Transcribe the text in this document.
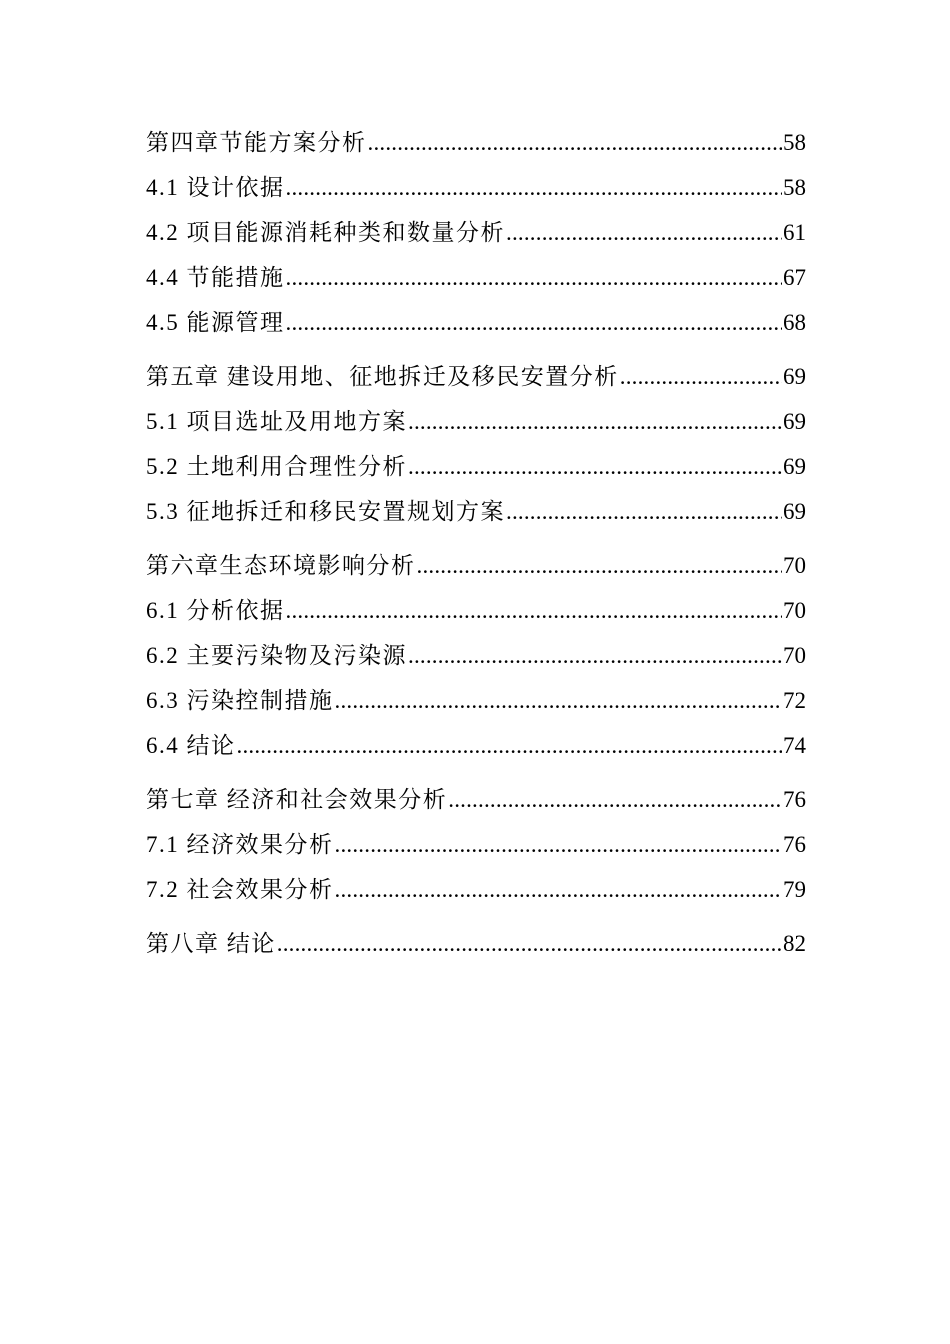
第四章节能方案分析 .....	58
4.1 设计依据 .....	58
4.2 项目能源消耗种类和数量分析 .....	61
4.4 节能措施 .....	67
4.5 能源管理 .....	68
第五章 建设用地、征地拆迁及移民安置分析 .....	69
5.1 项目选址及用地方案 .....	69
5.2 土地利用合理性分析 .....	69
5.3 征地拆迁和移民安置规划方案 .....	69
第六章生态环境影响分析 .....	70
6.1 分析依据 .....	70
6.2 主要污染物及污染源 .....	70
6.3 污染控制措施 .....	72
6.4 结论 .....	74
第七章 经济和社会效果分析 .....	76
7.1 经济效果分析 .....	76
7.2 社会效果分析 .....	79
第八章 结论 .....	82
